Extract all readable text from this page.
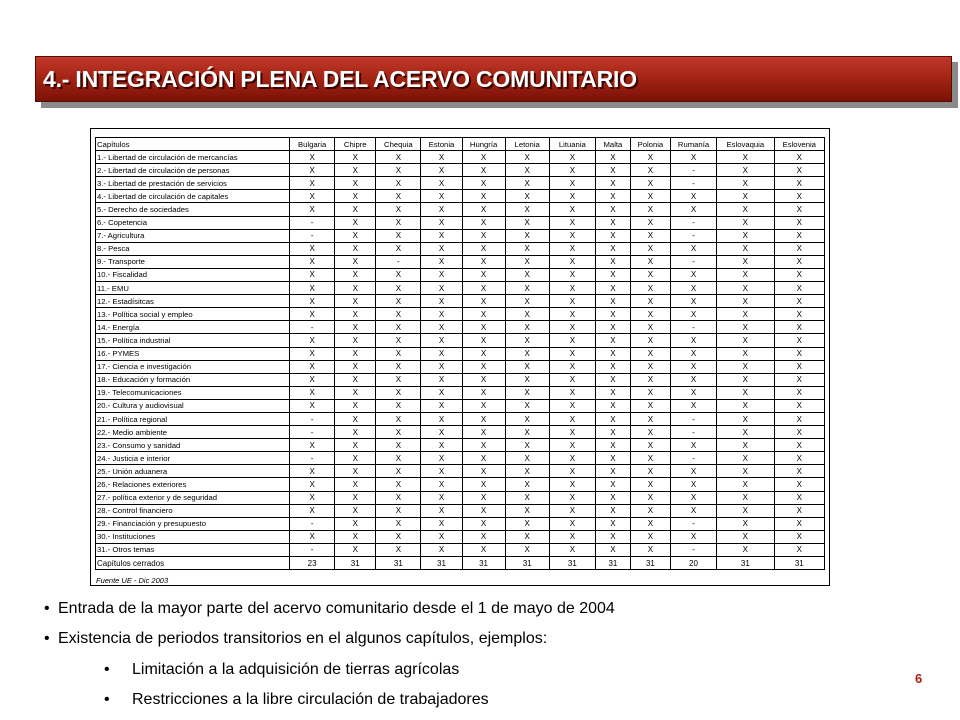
4.- INTEGRACIÓN PLENA DEL ACERVO COMUNITARIO
Capítulos	Bulgaria	Chipre	Chequia	Estonia	Hungría	Letonia	Lituania	Malta	Polonia	Rumanía	Eslovaquia	Eslovenia
1.- Libertad de circulación de mercancías	X	X	X	X	X	X	X	X	X	X	X	X
2.- Libertad de circulación de personas	X	X	X	X	X	X	X	X	X	-	X	X
3.- Libertad de prestación de servicios	X	X	X	X	X	X	X	X	X	-	X	X
4.- Libertad de circulación de capitales	X	X	X	X	X	X	X	X	X	X	X	X
5.- Derecho de sociedades	X	X	X	X	X	X	X	X	X	X	X	X
6.- Copetencia	-	X	X	X	X	X	X	X	X	-	X	X
7.- Agricultura	-	X	X	X	X	X	X	X	X	-	X	X
8.- Pesca	X	X	X	X	X	X	X	X	X	X	X	X
9.- Transporte	X	X	-	X	X	X	X	X	X	-	X	X
10.- Fiscalidad	X	X	X	X	X	X	X	X	X	X	X	X
11.- EMU	X	X	X	X	X	X	X	X	X	X	X	X
12.- Estadísitcas	X	X	X	X	X	X	X	X	X	X	X	X
13.- Política social y empleo	X	X	X	X	X	X	X	X	X	X	X	X
14.- Energía	-	X	X	X	X	X	X	X	X	-	X	X
15.- Política industrial	X	X	X	X	X	X	X	X	X	X	X	X
16.- PYMES	X	X	X	X	X	X	X	X	X	X	X	X
17.- Ciencia e investigación	X	X	X	X	X	X	X	X	X	X	X	X
18.- Educación y formación	X	X	X	X	X	X	X	X	X	X	X	X
19.- Telecomunicaciones	X	X	X	X	X	X	X	X	X	X	X	X
20.- Cultura y audiovisual	X	X	X	X	X	X	X	X	X	X	X	X
21.- Política regional	-	X	X	X	X	X	X	X	X	-	X	X
22.- Medio ambiente	-	X	X	X	X	X	X	X	X	-	X	X
23.- Consumo y sanidad	X	X	X	X	X	X	X	X	X	X	X	X
24.- Justicia e interior	-	X	X	X	X	X	X	X	X	-	X	X
25.- Unión aduanera	X	X	X	X	X	X	X	X	X	X	X	X
26.- Relaciones exteriores	X	X	X	X	X	X	X	X	X	X	X	X
27.- política exterior y de seguridad	X	X	X	X	X	X	X	X	X	X	X	X
28.- Control financiero	X	X	X	X	X	X	X	X	X	X	X	X
29.- Financiación y presupuesto	-	X	X	X	X	X	X	X	X	-	X	X
30.- Instituciones	X	X	X	X	X	X	X	X	X	X	X	X
31.- Otros temas	-	X	X	X	X	X	X	X	X	-	X	X
Capítulos cerrados	23	31	31	31	31	31	31	31	31	20	31	31
Fuente UE - Dic 2003
• Entrada de la mayor parte del acervo comunitario desde el 1 de mayo de 2004
• Existencia de periodos transitorios en el algunos capítulos, ejemplos:
• Limitación a la adquisición de tierras agrícolas
• Restricciones a la libre circulación de trabajadores
6
